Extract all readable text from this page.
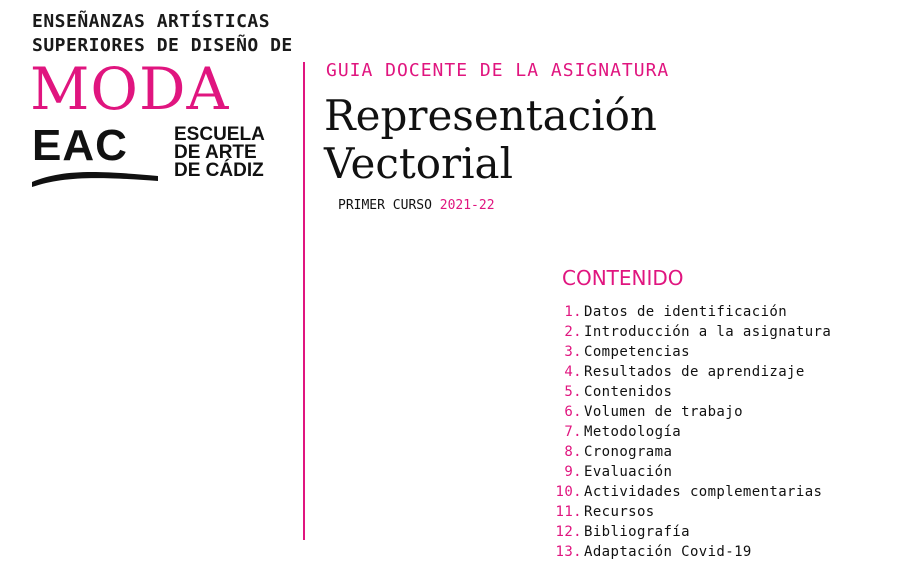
ENSEÑANZAS ARTÍSTICAS
SUPERIORES DE DISEÑO DE
MODA
EAC ESCUELA
DE ARTE
DE CÁDIZ
GUIA DOCENTE DE LA ASIGNATURA
Representación
Vectorial
PRIMER CURSO 2021-22
CONTENIDO
1. Datos de identificación
2. Introducción a la asignatura
3. Competencias
4. Resultados de aprendizaje
5. Contenidos
6. Volumen de trabajo
7. Metodología
8. Cronograma
9. Evaluación
10. Actividades complementarias
11. Recursos
12. Bibliografía
13. Adaptación Covid-19
